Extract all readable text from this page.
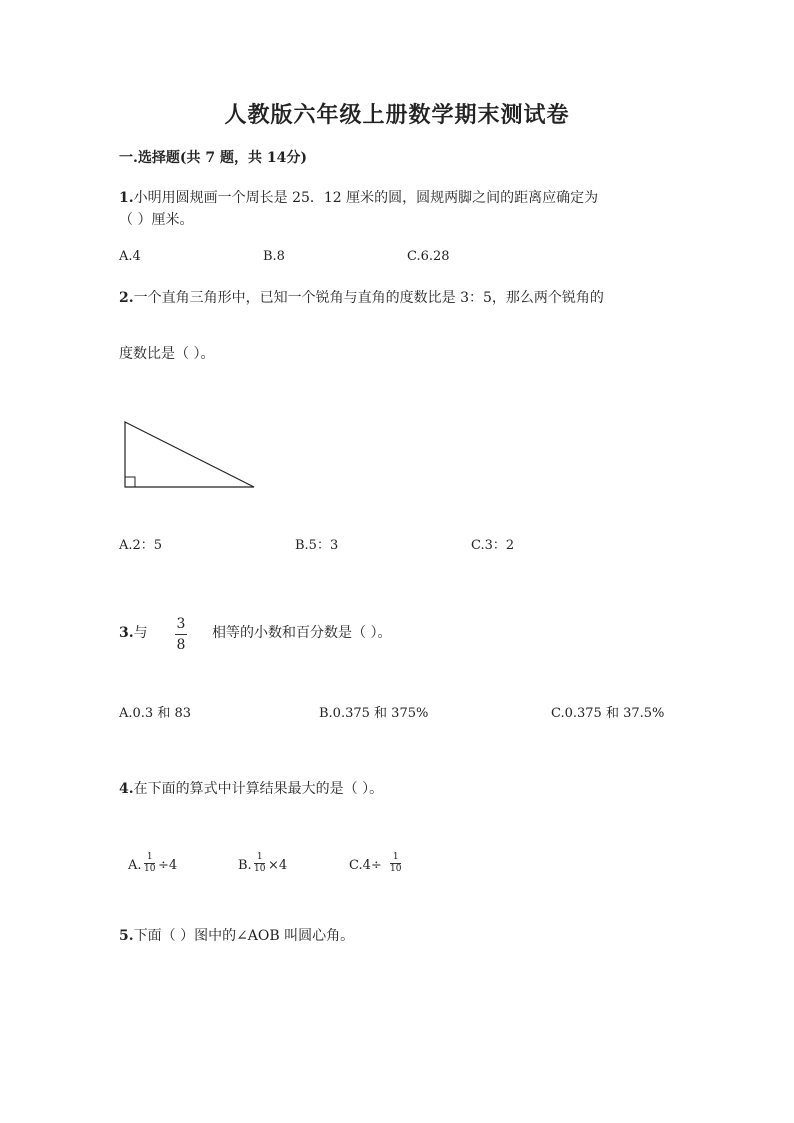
人教版六年级上册数学期末测试卷
一.选择题(共 7 题，共 14分)
1.小明用圆规画一个周长是 25．12 厘米的圆，圆规两脚之间的距离应确定为
（ ）厘米。
A.4	B.8	C.6.28
2.一个直角三角形中，已知一个锐角与直角的度数比是 3：5，那么两个锐角的
度数比是（ ）。
A.2：5	B.5：3	C.3：2
3.与
3
8
相等的小数和百分数是（ ）。
A.0.3 和 83	B.0.375 和 375%	C.0.375 和 37.5%
4.在下面的算式中计算结果最大的是（ ）。
A.
1
10 ÷4	B.
1
10 ×4	C.4÷
1
10
5.下面（ ）图中的∠AOB 叫圆心角。
